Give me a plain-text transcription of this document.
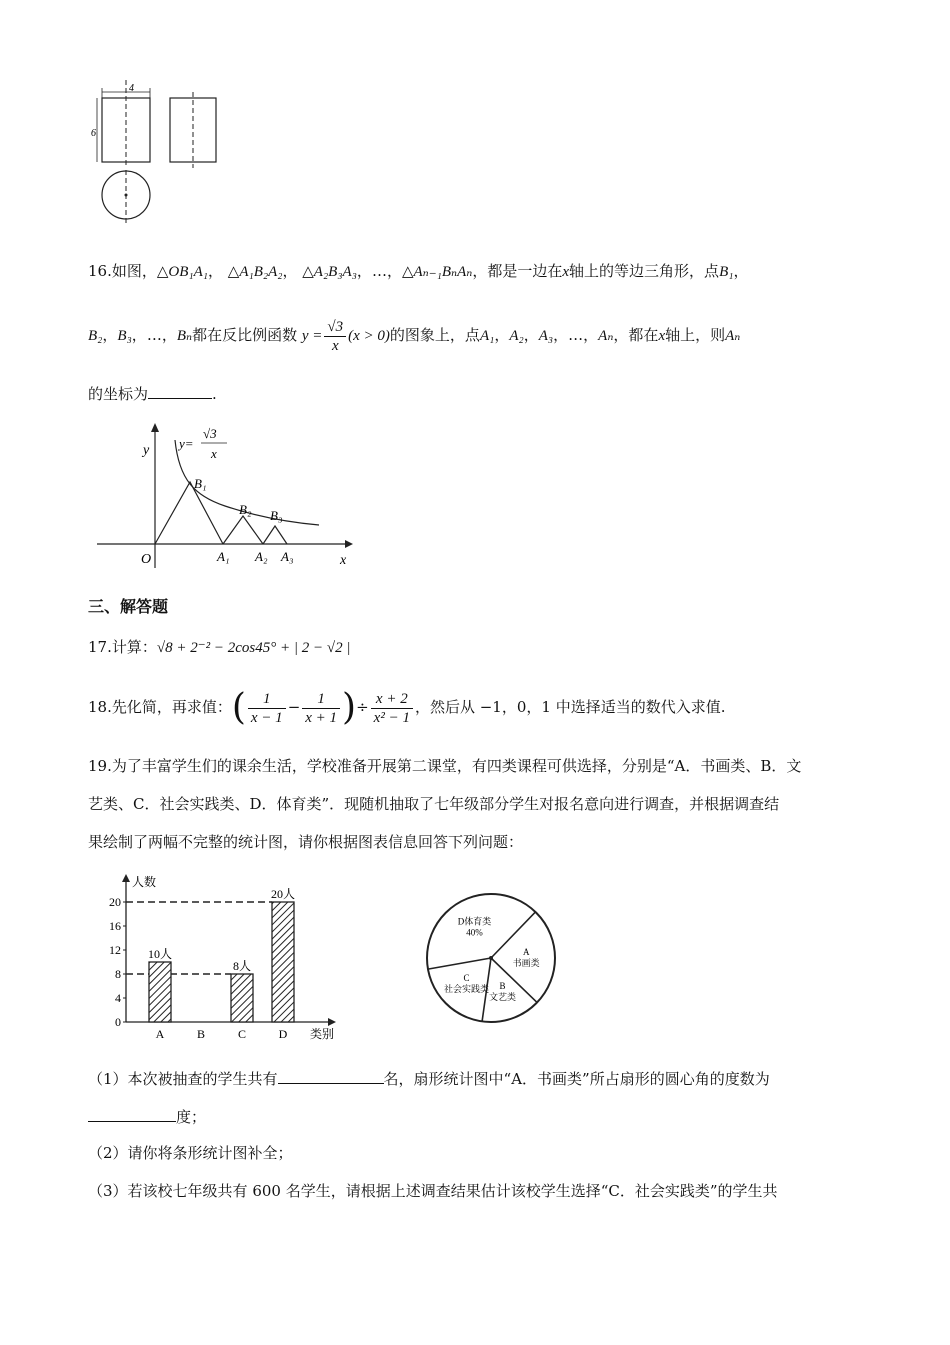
4
6
16.如图，△OB₁A₁， △A₁B₂A₂， △A₂B₃A₃，…，△Aₙ₋₁BₙAₙ，都是一边在x轴上的等边三角形，点B₁，
B₂，B₃，…，Bₙ都在反比例函数 $y = \frac{√3}{x} (x > 0)$的图象上，点A₁，A₂，A₃，…，Aₙ，都在x轴上，则Aₙ
的坐标为	.
y
x
O
y=
√3
x
B₁
B₂ B₃
A₁ A₂ A₃
三、解答题
17.计算：√8 + 2⁻² − 2cos45° + | 2 − √2 |
18.先化简，再求值：( $\frac{1}{x - 1} - \frac{1}{x + 1}$ )÷ $\frac{x + 2}{\text{x² − 1}}$ ，然后从 −1，0，1 中选择适当的数代入求值.
19.为了丰富学生们的课余生活，学校准备开展第二课堂，有四类课程可供选择，分别是“A．书画类、B．文
艺类、C．社会实践类、D．体育类”．现随机抽取了七年级部分学生对报名意向进行调查，并根据调查结
果绘制了两幅不完整的统计图，请你根据图表信息回答下列问题：
人数
类别
0
4
8
12
16
20
A
10人
B	C
8人
D
20人
D体育类
40%
A
书画类
B
文艺类
C
社会实践类
（1）本次被抽查的学生共有	名，扇形统计图中“A．书画类”所占扇形的圆心角的度数为
度；
（2）请你将条形统计图补全；
（3）若该校七年级共有 600 名学生，请根据上述调查结果估计该校学生选择“C．社会实践类”的学生共
